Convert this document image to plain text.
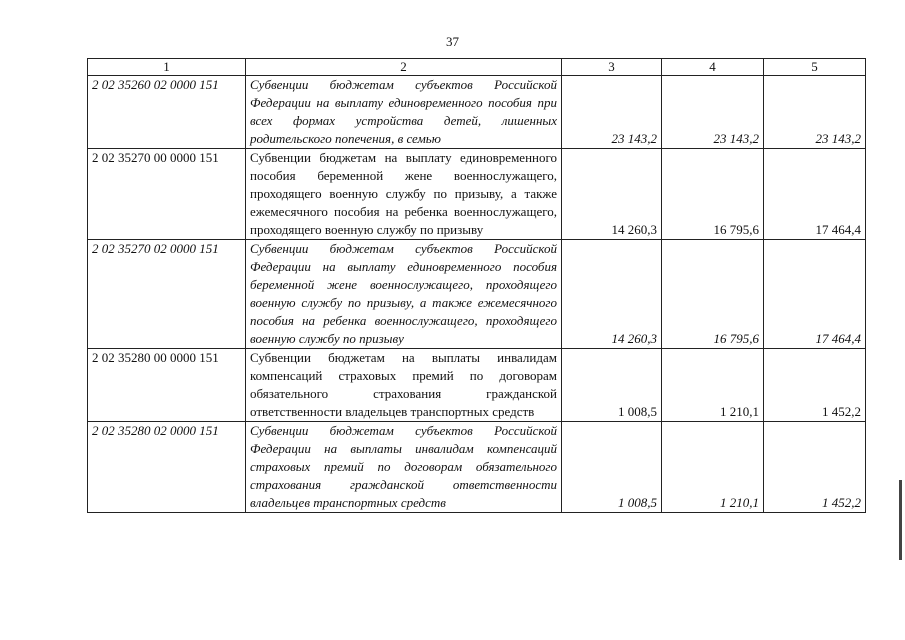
37
1	2	3	4	5
2 02 35260 02 0000 151	Субвенции бюджетам субъектов Российской Федерации на выплату единовременного пособия при всех формах устройства детей, лишенных родительского попечения, в семью	23 143,2	23 143,2	23 143,2
2 02 35270 00 0000 151	Субвенции бюджетам на выплату единовременного пособия беременной жене военнослужащего, проходящего военную службу по призыву, а также ежемесячного пособия на ребенка военнослужащего, проходящего военную службу по призыву	14 260,3	16 795,6	17 464,4
2 02 35270 02 0000 151	Субвенции бюджетам субъектов Российской Федерации на выплату единовременного пособия беременной жене военнослужащего, проходящего военную службу по призыву, а также ежемесячного пособия на ребенка военнослужащего, проходящего военную службу по призыву	14 260,3	16 795,6	17 464,4
2 02 35280 00 0000 151	Субвенции бюджетам на выплаты инвалидам компенсаций страховых премий по договорам обязательного страхования гражданской ответственности владельцев транспортных средств	1 008,5	1 210,1	1 452,2
2 02 35280 02 0000 151	Субвенции бюджетам субъектов Российской Федерации на выплаты инвалидам компенсаций страховых премий по договорам обязательного страхования гражданской ответственности владельцев транспортных средств	1 008,5	1 210,1	1 452,2
